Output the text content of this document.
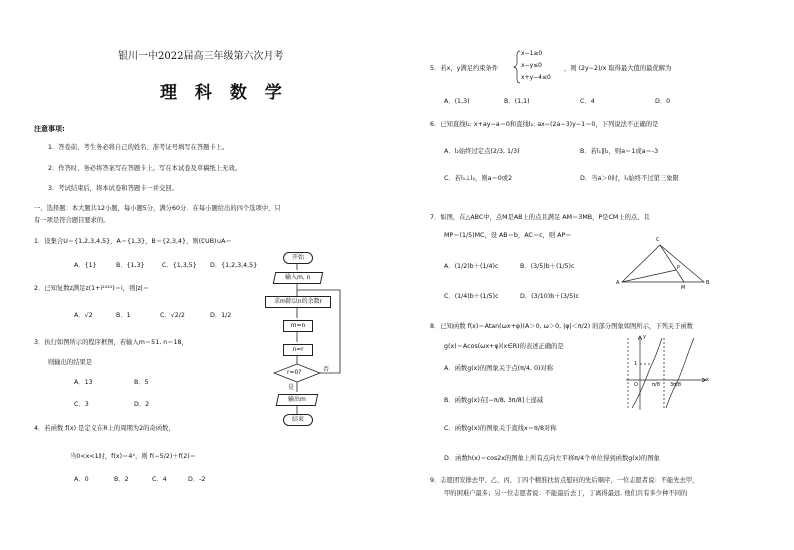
银川一中2022届高三年级第六次月考
理 科 数 学
注意事项:
1．答卷前，考生务必将自己的姓名、准考证号填写在答题卡上。
2．作答时，务必将答案写在答题卡上。写在本试卷及草稿纸上无效。
3．考试结束后，将本试卷和答题卡一并交回。
一、选择题：本大题共12小题，每小题5分，满分60分．在每小题给出的四个选项中，只
有一项是符合题目要求的。
1．设集合U＝{1,2,3,4,5}，A＝{1,3}，B＝{2,3,4}，则(∁UB)∪A＝
A．{1}	B．{1,3}	C．{1,3,5} D．{1,2,3,4,5}
2．已知复数z满足z(1+i²⁰²¹)＝i，则|z|＝
A．√2	B．1	C．√2/2	D．1/2
3．执行如图所示的程序框图，若输入m＝51, n＝18，
则输出的结果是
A．13	B．5
C．3	D．2
4．若函数 f(x) 是定义在R上的周期为2的奇函数，
当0<x<1时，f(x)＝4ˣ，则 f(−5/2)＋f(2)＝
A．0	B．2	C．4	D．-2
开始
输入m, n
求m除以n的余数r
m=n
n=r
r=0?	否
是
输出m
结束
5．若x，y满足约束条件
x−1≥0
x−y≤0
x+y−4≤0
，则 (2y−2)/x 取得最大值的最优解为
A．(1,3)	B．(1,1)	C．4	D．0
6．已知直线l₁: x+ay−a＝0和直线l₂: ax−(2a−3)y−1＝0，下列说法不正确的是
A．l₂始终过定点(2/3, 1/3)	B．若l₁∥l₂，则a＝1或a＝-3
C．若l₁⊥l₂，则a＝0或2	D．当a＞0时，l₁始终不过第三象限
7．如图，在△ABC中，点M是AB上的点且满足 AM＝3MB，P是CM上的点，且
MP＝(1/5)MC，设 AB＝b，AC＝c，则 AP＝
A．(1/2)b＋(1/4)c	B．(3/5)b＋(1/5)c
C．(1/4)b＋(1/5)c	D．(3/10)b＋(3/5)c
C
P
A
M
B
8．已知函数 f(x)＝Atan(ωx+φ)(A＞0, ω＞0, |φ|＜π/2) 的部分图象如图所示，下列关于函数
g(x)＝Acos(ωx+φ)(x∈R)的表述正确的是
A．函数g(x)的图象关于点(π/4, 0)对称
B．函数g(x)在[−π/8, 3π/8]上递减
C．函数g(x)的图象关于直线x＝π/8对称
D．函数h(x)＝cos2x的图象上所有点向左平移π/4个单位得到函数g(x)的图象
y
1
O	π/8 3π/8
x
9．志愿团安排去甲、乙、丙、丁四个精准扶贫点慰问的先后顺序，一位志愿者说：不能先去甲，
甲的困难户最多；另一位志愿者说：不能最后去丁，丁离得最远. 他们共有多少种不同的
